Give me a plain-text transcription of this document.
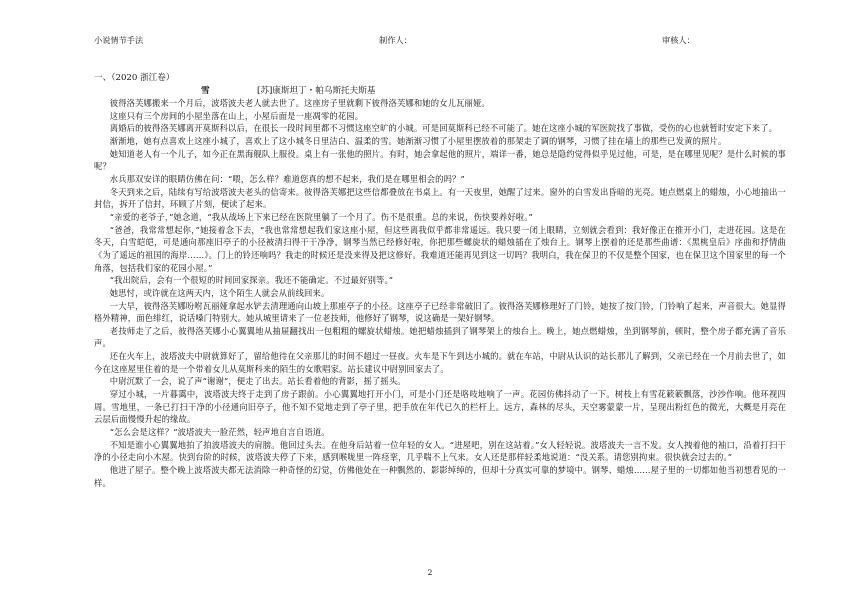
小说情节手法	制作人：	审核人：
一、（2020 浙江卷）
雪	[苏]康斯坦丁・帕乌斯托夫斯基

彼得洛芙娜搬来一个月后，波塔波夫老人就去世了。这座房子里就剩下彼得洛芙娜和她的女儿瓦丽娅。

这座只有三个房间的小屋坐落在山上，小屋后面是一座凋零的花园。

离婚后的彼得洛芙娜离开莫斯科以后，在很长一段时间里都不习惯这座空旷的小城。可是回莫斯科已经不可能了。她在这座小城的军医院找了事做，受伤的心也就暂时安定下来了。

渐渐地，她有点喜欢上这座小城了，喜欢上了这小城冬日里洁白、温柔的雪。她渐渐习惯了小屋里摆放着的那架走了调的钢琴，习惯了挂在墙上的那些已发黄的照片。

她知道老人有一个儿子，如今正在黑海舰队上服役。桌上有一张他的照片。有时，她会拿起他的照片，端详一番，她总是隐约觉得似乎见过他，可是，是在哪里见呢？是什么时候的事呢？

水兵那双安详的眼睛仿佛在问：“喂，怎么样？难道您真的想不起来，我们是在哪里相会的吗？”

冬天到来之后，陆续有写给波塔波夫老头的信寄来。彼得洛芙娜把这些信都叠放在书桌上。有一天夜里，她醒了过来。窗外的白雪发出昏暗的光亮。她点燃桌上的蜡烛，小心地抽出一封信，拆开了信封，环顾了片刻，便读了起来。

“亲爱的老爷子，”她念道，“我从战场上下来已经在医院里躺了一个月了。伤不是很重。总的来说，伤快要养好啦。”

“爸爸，我常常想起你，”她接着念下去，“我也常常想起我们家这座小屋，但这些离我似乎都非常遥远。我只要一闭上眼睛，立刻就会看到：我好像正在推开小门，走进花园。这是在冬天，白雪皑皑，可是通向那座旧亭子的小径被清扫得干干净净，钢琴当然已经修好啦，你把那些螺旋状的蜡烛插在了烛台上。钢琴上摆着的还是那些曲谱：《黑桃皇后》序曲和抒情曲《为了遥远的祖国的海岸……》。门上的铃还响吗？我走的时候还是没来得及把这修好。我难道还能再见到这一切吗？我明白，我在保卫的不仅是整个国家，也在保卫这个国家里的每一个角落，包括我们家的花园小屋。”

“我出院后，会有一个很短的时间回家探亲。我还不能确定。不过最好别等。”

她思忖，或许就在这两天内，这个陌生人就会从前线回来。

一大早，彼得洛芙娜吩咐瓦丽娅拿起水铲去清理通向山坡上那座亭子的小径。这座亭子已经非常破旧了。彼得洛芙娜修理好了门铃，她按了按门铃，门铃响了起来，声音很大。她显得格外精神，面色绯红，说话嗓门特别大。她从城里请来了一位老技师，他修好了钢琴，说这确是一架好钢琴。

老技师走了之后，彼得洛芙娜小心翼翼地从抽屉翻找出一包粗粗的螺旋状蜡烛。她把蜡烛插到了钢琴架上的烛台上。晚上，她点燃蜡烛，坐到钢琴前，顿时，整个房子都充满了音乐声。

还在火车上，波塔波夫中尉就算好了，留给他待在父亲那儿的时间不超过一昼夜。火车是下午到达小城的。就在车站，中尉从认识的站长那儿了解到，父亲已经在一个月前去世了，如今在这座屋里住着的是一个带着女儿从莫斯科来的陌生的女歌唱家。站长建议中尉别回家去了。

中尉沉默了一会，说了声“谢谢”，便走了出去。站长看着他的背影，摇了摇头。

穿过小城，一片暮霭中，波塔波夫终于走到了房子跟前。小心翼翼地打开小门，可是小门还是咯吱地响了一声。花园仿佛抖动了一下。树枝上有雪花簌簌飘落，沙沙作响。他环视四周。雪地里，一条已打扫干净的小径通向旧亭子，他不知不觉地走到了亭子里，把手放在年代已久的栏杆上。远方，森林的尽头，天空雾蒙蒙一片，呈现出粉红色的微光，大概是月亮在云层后面慢慢升起的缘故。

“怎么会是这样？”波塔波夫一脸茫然，轻声地自言自语道。

不知是谁小心翼翼地拍了拍波塔波夫的肩膀。他回过头去。在他身后站着一位年轻的女人。“进屋吧，别在这站着。”女人轻轻说。波塔波夫一言不发。女人拽着他的袖口，沿着打扫干净的小径走向小木屋。快到台阶的时候，波塔波夫停了下来，感到喉咙里一阵痉挛，几乎喘不上气来。女人还是那样轻柔地说道：“没关系。请您别拘束。很快就会过去的。”

他进了屋子。整个晚上波塔波夫都无法消除一种奇怪的幻觉，仿佛他处在一种飘然的、影影绰绰的，但却十分真实可靠的梦境中。钢琴、蜡烛……屋子里的一切都如他当初想看见的一样。

2
